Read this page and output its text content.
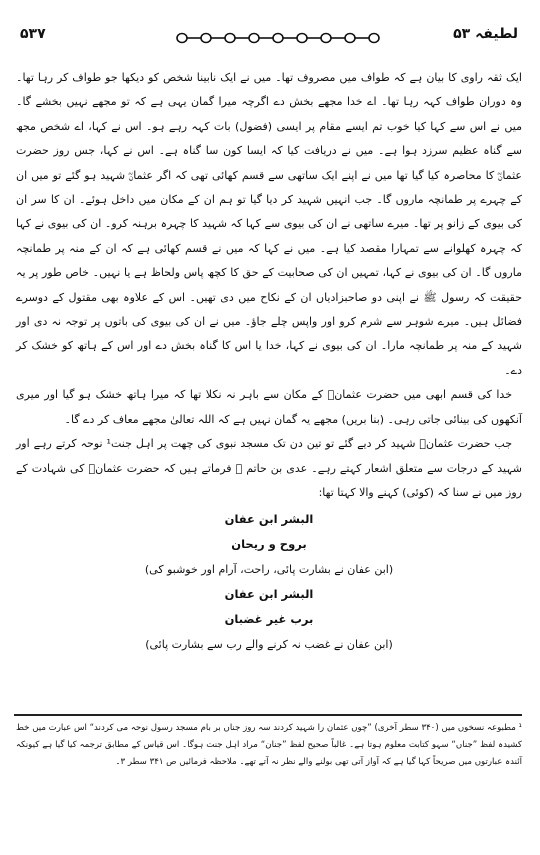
۵۳۷	لطیفہ ۵۳

ایک ثقہ راوی کا بیان ہے کہ طواف میں مصروف تھا۔ میں نے ایک نابینا شخص کو دیکھا جو طواف کر رہا تھا۔ وہ دوران طواف کہہ رہا تھا۔ اے خدا مجھے بخش دے اگرچہ میرا گمان یہی ہے کہ تو مجھے نہیں بخشے گا۔ میں نے اس سے کہا کیا خوب تم ایسے مقام پر ایسی (فضول) بات کہہ رہے ہو۔ اس نے کہا، اے شخص مجھ سے گناہ عظیم سرزد ہوا ہے۔ میں نے دریافت کیا کہ ایسا کون سا گناہ ہے۔ اس نے کہا، جس روز حضرت عثمانؓ کا محاصرہ کیا گیا تھا میں نے اپنے ایک ساتھی سے قسم کھائی تھی کہ اگر عثمانؓ شہید ہو گئے تو میں ان کے چہرے پر طمانچہ ماروں گا۔ جب انہیں شہید کر دیا گیا تو ہم ان کے مکان میں داخل ہوئے۔ ان کا سر ان کی بیوی کے زانو پر تھا۔ میرے ساتھی نے ان کی بیوی سے کہا کہ شہید کا چہرہ برہنہ کرو۔ ان کی بیوی نے کہا کہ چہرہ کھلوانے سے تمہارا مقصد کیا ہے۔ میں نے کہا کہ میں نے قسم کھائی ہے کہ ان کے منہ پر طمانچہ ماروں گا۔ ان کی بیوی نے کہا، تمہیں ان کی صحابیت کے حق کا کچھ پاس ولحاظ ہے یا نہیں۔ خاص طور پر یہ حقیقت کہ رسول ﷺ نے اپنی دو صاحبزادیاں ان کے نکاح میں دی تھیں۔ اس کے علاوہ بھی مقتول کے دوسرے فضائل ہیں۔ میرے شوہر سے شرم کرو اور واپس چلے جاؤ۔ میں نے ان کی بیوی کی باتوں پر توجہ نہ دی اور شہید کے منہ پر طمانچہ مارا۔ ان کی بیوی نے کہا، خدا یا اس کا گناہ بخش دے اور اس کے ہاتھ کو خشک کر دے۔

خدا کی قسم ابھی میں حضرت عثمانؓ کے مکان سے باہر نہ نکلا تھا کہ میرا ہاتھ خشک ہو گیا اور میری آنکھوں کی بینائی جاتی رہی۔ (بنا بریں) مجھے یہ گمان نہیں ہے کہ اللہ تعالیٰ مجھے معاف کر دے گا۔

جب حضرت عثمانؓ شہید کر دیے گئے تو تین دن تک مسجد نبوی کی چھت پر اہل جنت¹ نوحہ کرتے رہے اور شہید کے درجات سے متعلق اشعار کہتے رہے۔ عدی بن حاتم ؓ فرماتے ہیں کہ حضرت عثمانؓ کی شہادت کے روز میں نے سنا کہ (کوئی) کہنے والا کہتا تھا:

البشر ابن عفان
بروح و ریحان
(ابن عفان نے بشارت پائی، راحت، آرام اور خوشبو کی)
البشر ابن عفان
برب غیر غضبان
(ابن عفان نے غضب نہ کرنے والے رب سے بشارت پائی)

¹ مطبوعہ نسخوں میں (۳۴۰ سطر آخری) ”چوں عثمان را شہید کردند سہ روز جناں بر بام مسجد رسول نوحہ می کردند“ اس عبارت میں خط کشیدہ لفظ ”جناں“ سہو کتابت معلوم ہوتا ہے۔ غالباً صحیح لفظ ”جنان“ مراد اہل جنت ہوگا۔ اس قیاس کے مطابق ترجمہ کیا گیا ہے کیونکہ آئندہ عبارتوں میں صریحاً کہا گیا ہے کہ آواز آتی تھی بولنے والے نظر نہ آتے تھے۔ ملاحظہ فرمائیں ص ۳۴۱ سطر ۳۔
